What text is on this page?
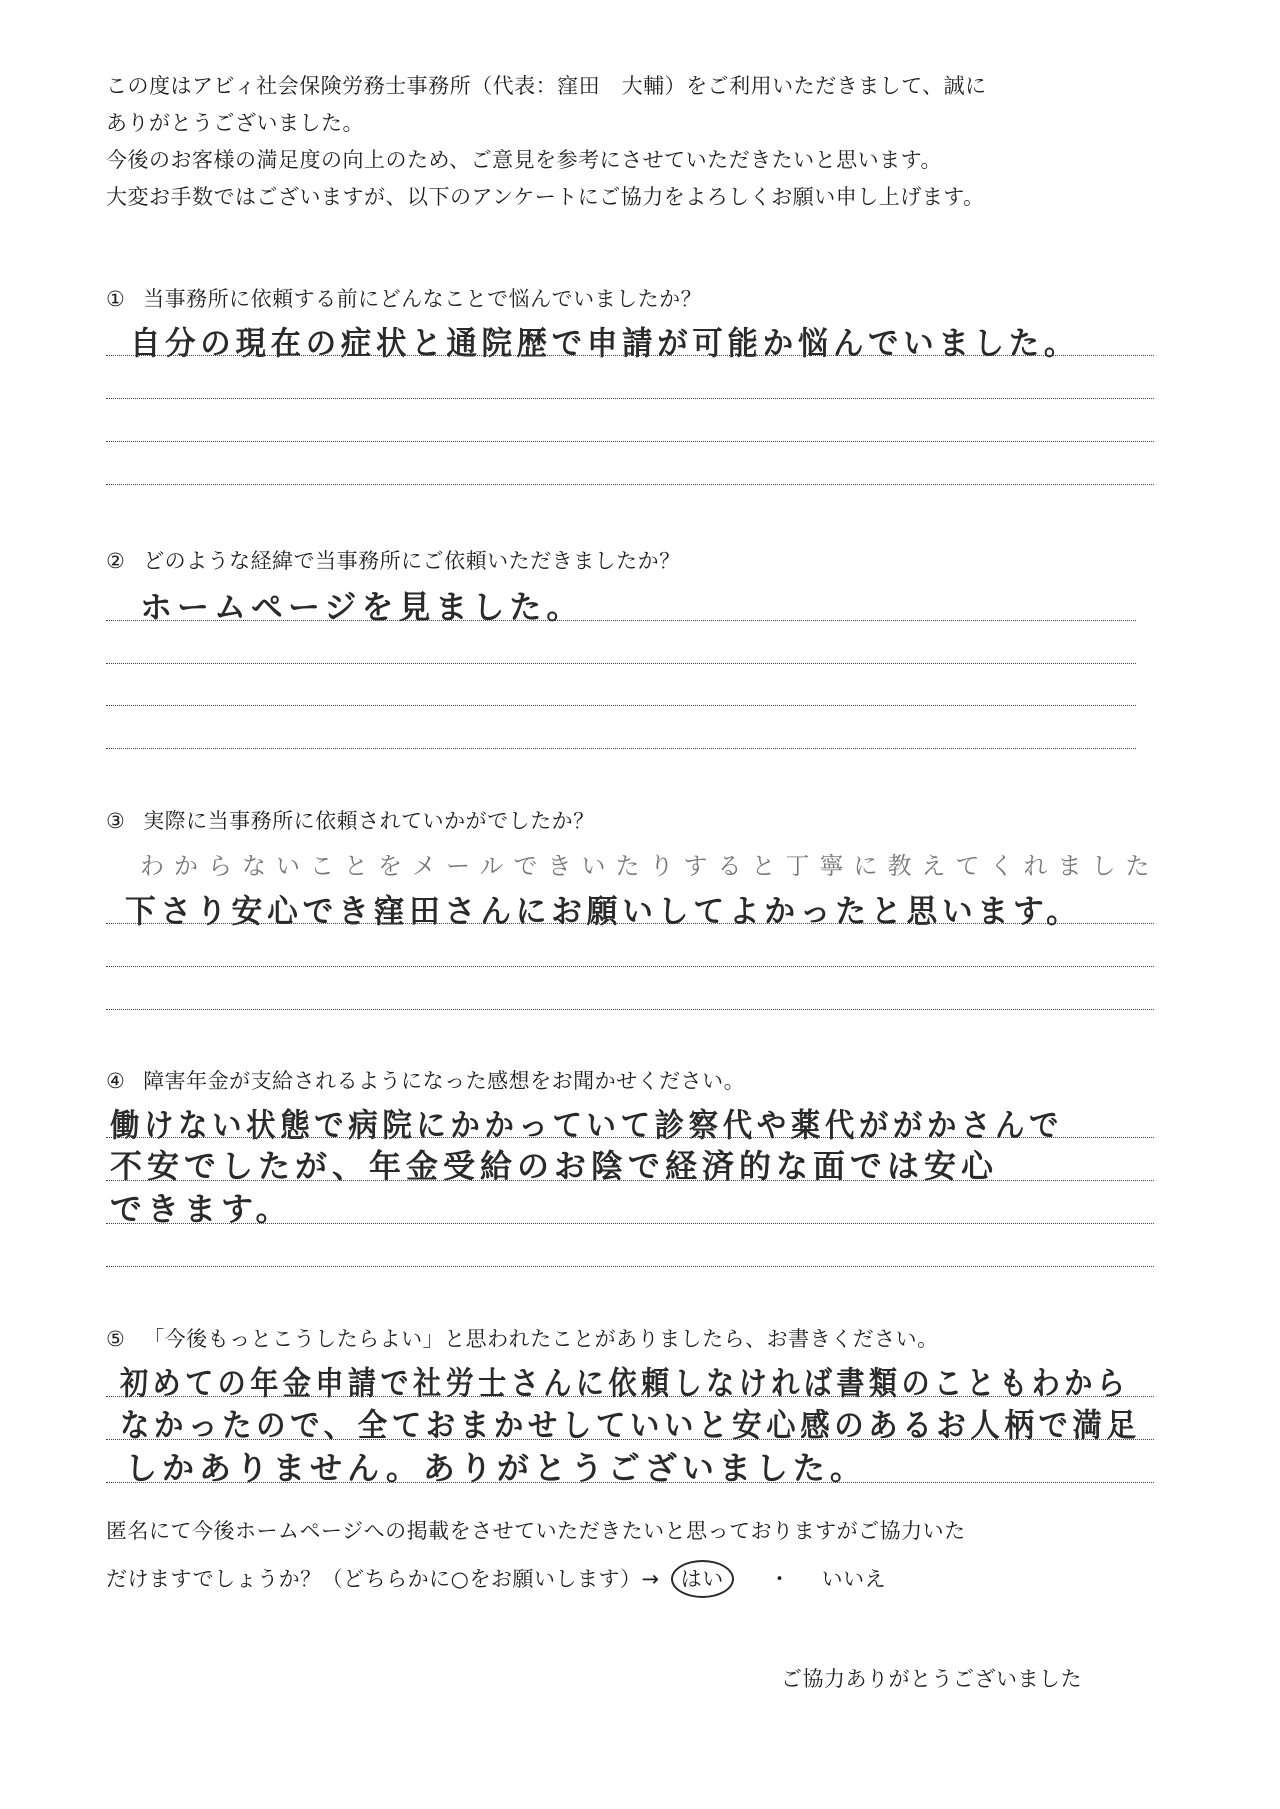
この度はアビィ社会保険労務士事務所（代表：窪田　大輔）をご利用いただきまして、誠に

ありがとうございました。

今後のお客様の満足度の向上のため、ご意見を参考にさせていただきたいと思います。

大変お手数ではございますが、以下のアンケートにご協力をよろしくお願い申し上げます。

① 当事務所に依頼する前にどんなことで悩んでいましたか？
自分の現在の症状と通院歴で申請が可能か悩んでいました。
② どのような経緯で当事務所にご依頼いただきましたか？
ホームページを見ました。
③ 実際に当事務所に依頼されていかがでしたか？
わからないことをメールできいたりすると丁寧に教えてくれました
下さり安心でき窪田さんにお願いしてよかったと思います。
④ 障害年金が支給されるようになった感想をお聞かせください。
働けない状態で病院にかかっていて診察代や薬代ががかさんで
不安でしたが、年金受給のお陰で経済的な面では安心
できます。
⑤ 「今後もっとこうしたらよい」と思われたことがありましたら、お書きください。
初めての年金申請で社労士さんに依頼しなければ書類のこともわから
なかったので、全ておまかせしていいと安心感のあるお人柄で満足
しかありません。ありがとうございました。

匿名にて今後ホームページへの掲載をさせていただきたいと思っておりますがご協力いた

だけますでしょうか？（どちらかに○をお願いします）→ はい ・ いいえ

ご協力ありがとうございました
